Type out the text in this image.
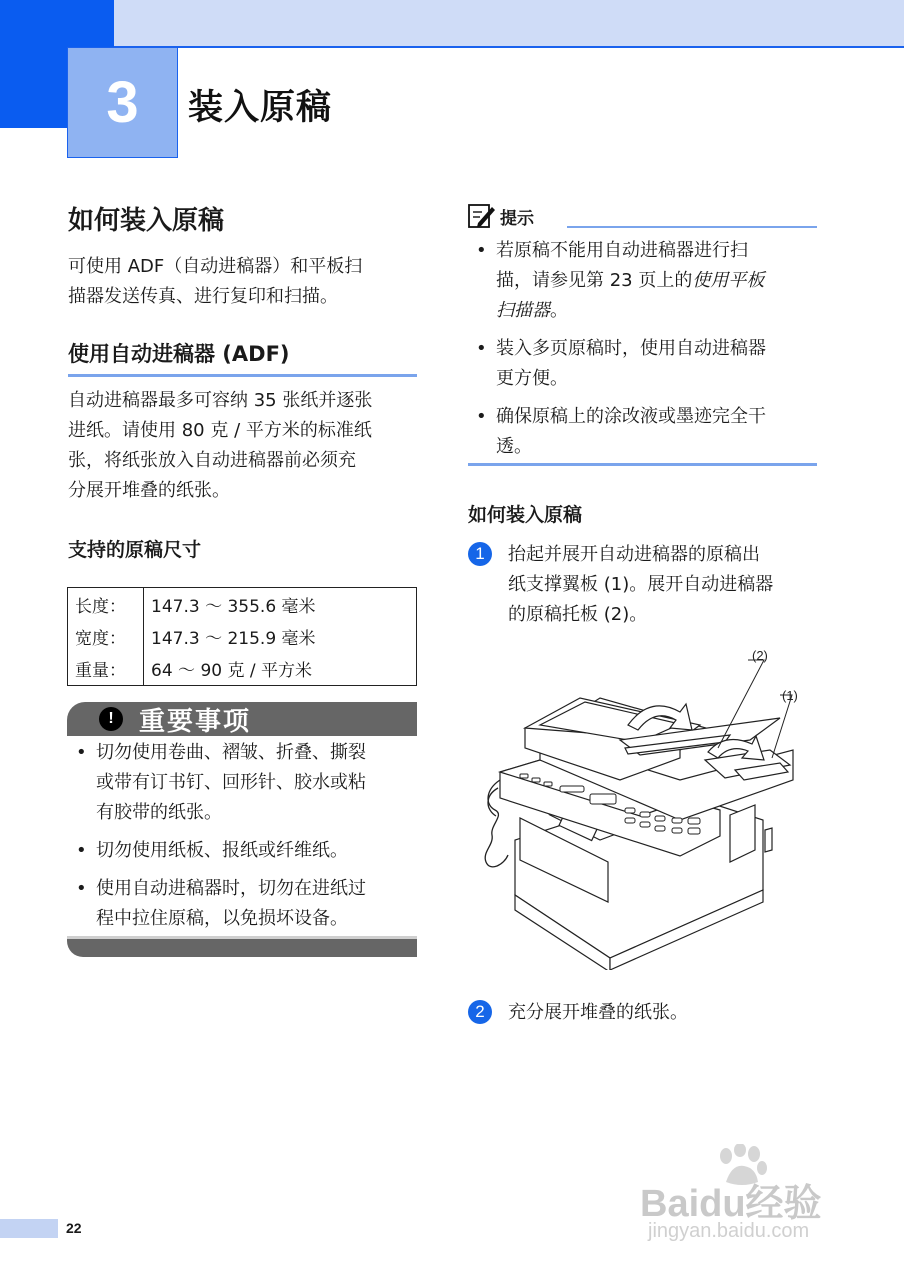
3 装入原稿
如何装入原稿
可使用 ADF（自动进稿器）和平板扫
描器发送传真、进行复印和扫描。
使用自动进稿器 (ADF)
自动进稿器最多可容纳 35 张纸并逐张
进纸。请使用 80 克 / 平方米的标准纸
张，将纸张放入自动进稿器前必须充
分展开堆叠的纸张。
支持的原稿尺寸
长度：	147.3 ～ 355.6 毫米
宽度：	147.3 ～ 215.9 毫米
重量：	64 ～ 90 克 / 平方米
! 重要事项
• 切勿使用卷曲、褶皱、折叠、撕裂
或带有订书钉、回形针、胶水或粘
有胶带的纸张。
• 切勿使用纸板、报纸或纤维纸。
• 使用自动进稿器时，切勿在进纸过
程中拉住原稿，以免损坏设备。
提示
• 若原稿不能用自动进稿器进行扫
描，请参见第 23 页上的使用平板
扫描器。
• 装入多页原稿时，使用自动进稿器
更方便。
• 确保原稿上的涂改液或墨迹完全干
透。
如何装入原稿
1	抬起并展开自动进稿器的原稿出
纸支撑翼板 (1)。展开自动进稿器
的原稿托板 (2)。
(2)
(1)
2	充分展开堆叠的纸张。
22
Baidu经验
jingyan.baidu.com
